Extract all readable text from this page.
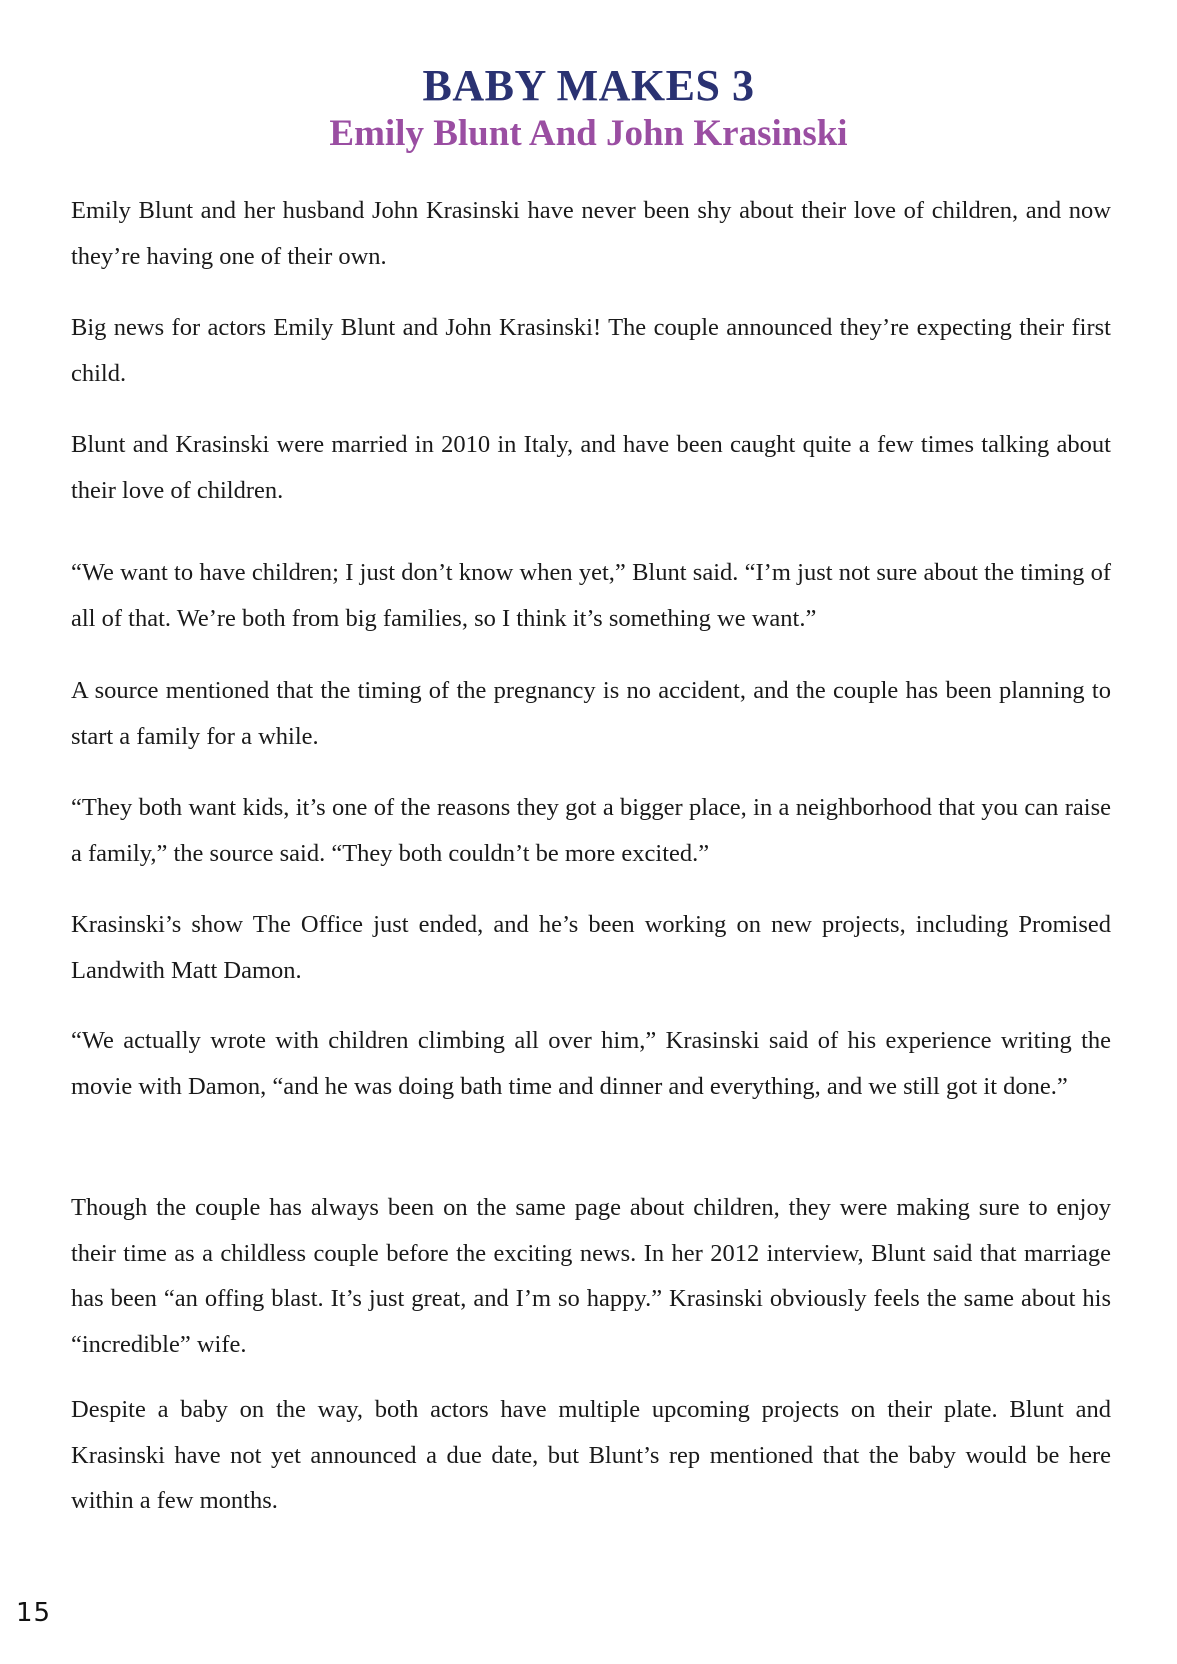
BABY MAKES 3
Emily Blunt And John Krasinski

Emily Blunt and her husband John Krasinski have never been shy about their love of children, and now they’re having one of their own.

Big news for actors Emily Blunt and John Krasinski! The couple announced they’re expecting their first child.

Blunt and Krasinski were married in 2010 in Italy, and have been caught quite a few times talking about their love of children.

“We want to have children; I just don’t know when yet,” Blunt said. “I’m just not sure about the timing of all of that. We’re both from big families, so I think it’s something we want.”

A source mentioned that the timing of the pregnancy is no accident, and the couple has been planning to start a family for a while.

“They both want kids, it’s one of the reasons they got a bigger place, in a neighborhood that you can raise a family,” the source said. “They both couldn’t be more excited.”

Krasinski’s show The Office just ended, and he’s been working on new projects, including Promised Landwith Matt Damon.

“We actually wrote with children climbing all over him,” Krasinski said of his experience writing the movie with Damon, “and he was doing bath time and dinner and everything, and we still got it done.”

Though the couple has always been on the same page about children, they were making sure to enjoy their time as a childless couple before the exciting news. In her 2012 interview, Blunt said that marriage has been “an offing blast. It’s just great, and I’m so happy.” Krasinski obviously feels the same about his “incredible” wife.

Despite a baby on the way, both actors have multiple upcoming projects on their plate. Blunt and Krasinski have not yet announced a due date, but Blunt’s rep mentioned that the baby would be here within a few months.

15
